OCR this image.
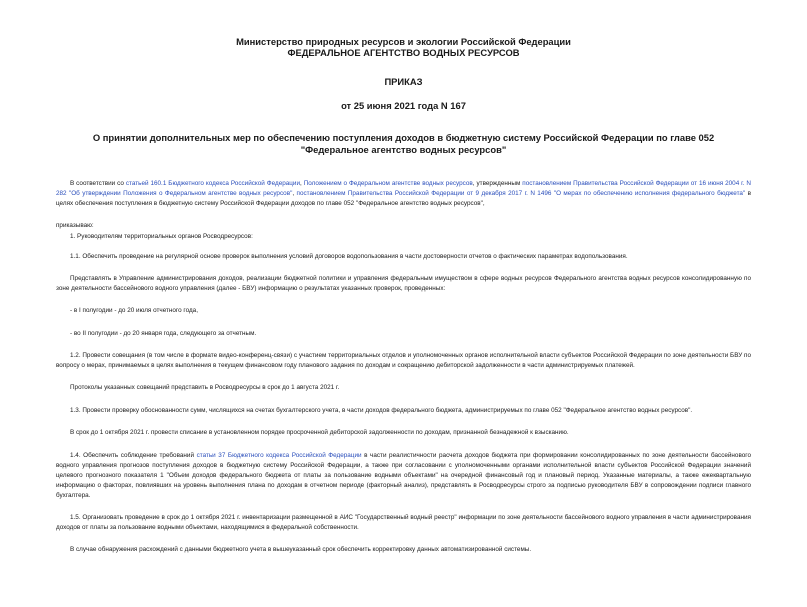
Министерство природных ресурсов и экологии Российской Федерации
ФЕДЕРАЛЬНОЕ АГЕНТСТВО ВОДНЫХ РЕСУРСОВ
ПРИКАЗ
от 25 июня 2021 года N 167
О принятии дополнительных мер по обеспечению поступления доходов в бюджетную систему Российской Федерации по главе 052 "Федеральное агентство водных ресурсов"

В соответствии со статьей 160.1 Бюджетного кодекса Российской Федерации, Положением о Федеральном агентстве водных ресурсов, утвержденным постановлением Правительства Российской Федерации от 16 июня 2004 г. N 282 "Об утверждении Положения о Федеральном агентстве водных ресурсов", постановлением Правительства Российской Федерации от 9 декабря 2017 г. N 1496 "О мерах по обеспечению исполнения федерального бюджета" в целях обеспечения поступления в бюджетную систему Российской Федерации доходов по главе 052 "Федеральное агентство водных ресурсов",

приказываю:

1. Руководителям территориальных органов Росводресурсов:

1.1. Обеспечить проведение на регулярной основе проверок выполнения условий договоров водопользования в части достоверности отчетов о фактических параметрах водопользования.

Представлять в Управление администрирования доходов, реализации бюджетной политики и управления федеральным имуществом в сфере водных ресурсов Федерального агентства водных ресурсов консолидированную по зоне деятельности бассейнового водного управления (далее - БВУ) информацию о результатах указанных проверок, проведенных:

- в I полугодии - до 20 июля отчетного года,

- во II полугодии - до 20 января года, следующего за отчетным.

1.2. Провести совещания (в том числе в формате видео-конференц-связи) с участием территориальных отделов и уполномоченных органов исполнительной власти субъектов Российской Федерации по зоне деятельности БВУ по вопросу о мерах, принимаемых в целях выполнения в текущем финансовом году планового задания по доходам и сокращению дебиторской задолженности в части администрируемых платежей.

Протоколы указанных совещаний представить в Росводресурсы в срок до 1 августа 2021 г.

1.3. Провести проверку обоснованности сумм, числящихся на счетах бухгалтерского учета, в части доходов федерального бюджета, администрируемых по главе 052 "Федеральное агентство водных ресурсов".

В срок до 1 октября 2021 г. провести списание в установленном порядке просроченной дебиторской задолженности по доходам, признанной безнадежной к взысканию.

1.4. Обеспечить соблюдение требований статьи 37 Бюджетного кодекса Российской Федерации в части реалистичности расчета доходов бюджета при формировании консолидированных по зоне деятельности бассейнового водного управления прогнозов поступления доходов в бюджетную систему Российской Федерации, а также при согласовании с уполномоченными органами исполнительной власти субъектов Российской Федерации значений целевого прогнозного показателя 1 "Объем доходов федерального бюджета от платы за пользование водными объектами" на очередной финансовый год и плановый период. Указанные материалы, а также ежеквартальную информацию о факторах, повлиявших на уровень выполнения плана по доходам в отчетном периоде (факторный анализ), представлять в Росводресурсы строго за подписью руководителя БВУ в сопровождении подписи главного бухгалтера.

1.5. Организовать проведение в срок до 1 октября 2021 г. инвентаризации размещенной в АИС "Государственный водный реестр" информации по зоне деятельности бассейнового водного управления в части администрирования доходов от платы за пользование водными объектами, находящимися в федеральной собственности.

В случае обнаружения расхождений с данными бюджетного учета в вышеуказанный срок обеспечить корректировку данных автоматизированной системы.
